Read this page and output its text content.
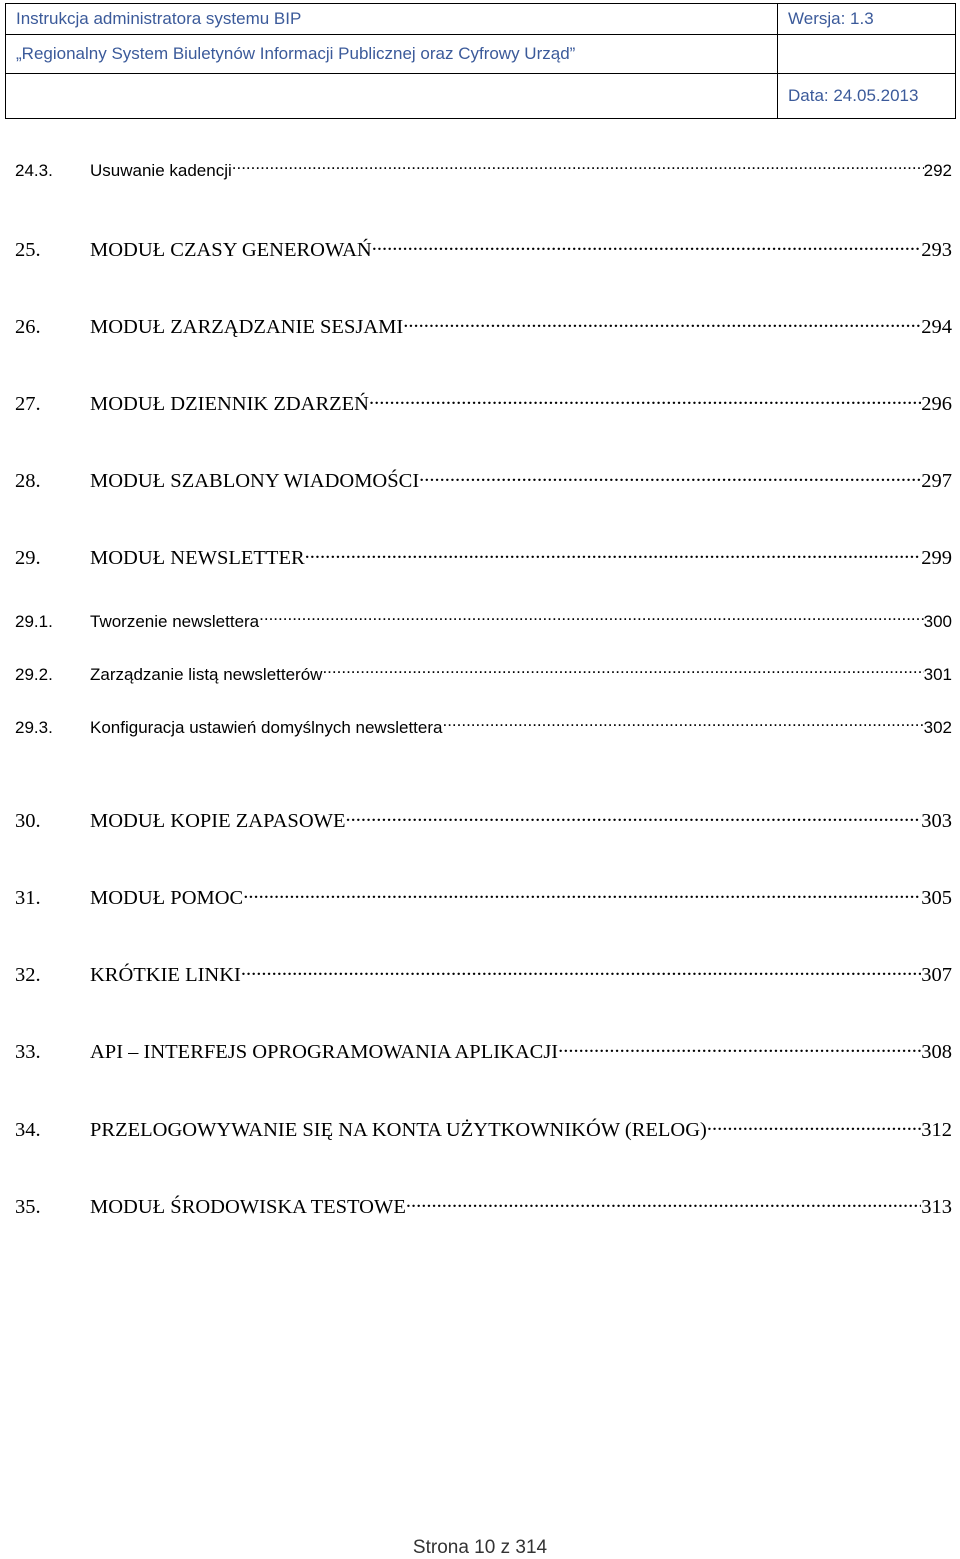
Instrukcja administratora systemu BIP	Wersja: 1.3
„Regionalny System Biuletynów Informacji Publicznej oraz Cyfrowy Urząd”	
	Data: 24.05.2013
24.3.	Usuwanie kadencji .....	292
25.	MODUŁ CZASY GENEROWAŃ .....	293
26.	MODUŁ ZARZĄDZANIE SESJAMI .....	294
27.	MODUŁ DZIENNIK ZDARZEŃ .....	296
28.	MODUŁ SZABLONY WIADOMOŚCI .....	297
29.	MODUŁ NEWSLETTER .....	299
29.1.	Tworzenie newslettera .....	300
29.2.	Zarządzanie listą newsletterów .....	301
29.3.	Konfiguracja ustawień domyślnych newslettera .....	302
30.	MODUŁ KOPIE ZAPASOWE .....	303
31.	MODUŁ POMOC .....	305
32.	KRÓTKIE LINKI .....	307
33.	API – INTERFEJS OPROGRAMOWANIA APLIKACJI .....	308
34.	PRZELOGOWYWANIE SIĘ NA KONTA UŻYTKOWNIKÓW (RELOG) .....	312
35.	MODUŁ ŚRODOWISKA TESTOWE .....	313
Strona 10 z 314
